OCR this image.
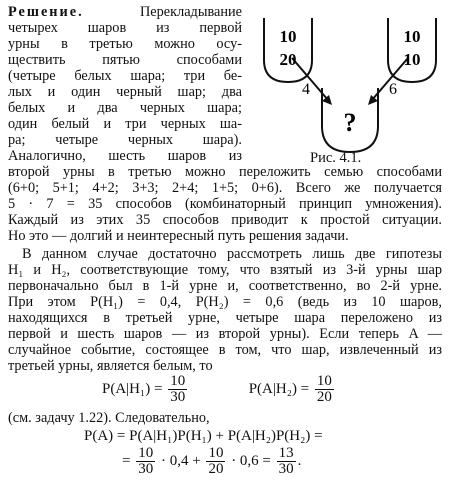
10
20
10
10
4	6
?
Рис. 4.1.
Решение.	Перекладывание
четырех шаров из первой
урны в третью можно осу-
ществить пятью способами
(четыре белых шара; три бе-
лых и один черный шар; два
белых и два черных шара;
один белый и три черных ша-
ра; четыре черных шара).
Аналогично, шесть шаров из
второй урны в третью можно переложить семью способами
(6+0; 5+1; 4+2; 3+3; 2+4; 1+5; 0+6). Всего же получается
5 · 7 = 35 способов (комбинаторный принцип умножения).
Каждый из этих 35 способов приводит к простой ситуации.
Но это — долгий и неинтересный путь решения задачи.
В данном случае достаточно рассмотреть лишь две гипотезы
H₁ и H₂, соответствующие тому, что взятый из 3-й урны шар
первоначально был в 1-й урне и, соответственно, во 2-й урне.
При этом P(H₁) = 0,4, P(H₂) = 0,6 (ведь из 10 шаров,
находящихся в третьей урне, четыре шара переложено из
первой и шесть шаров — из второй урны). Если теперь A —
случайное событие, состоящее в том, что шар, извлеченный из
третьей урны, является белым, то
$P(A|H_1) = \frac{10}{30}$	$P(A|H_2) = \frac{10}{20}$
(см. задачу 1.22). Следовательно,
P(A) = P(A|H₁)P(H₁) + P(A|H₂)P(H₂) =
= $\frac{10}{30} \cdot 0,4 + \frac{10}{20} \cdot 0,6 = \frac{13}{30}$ .
